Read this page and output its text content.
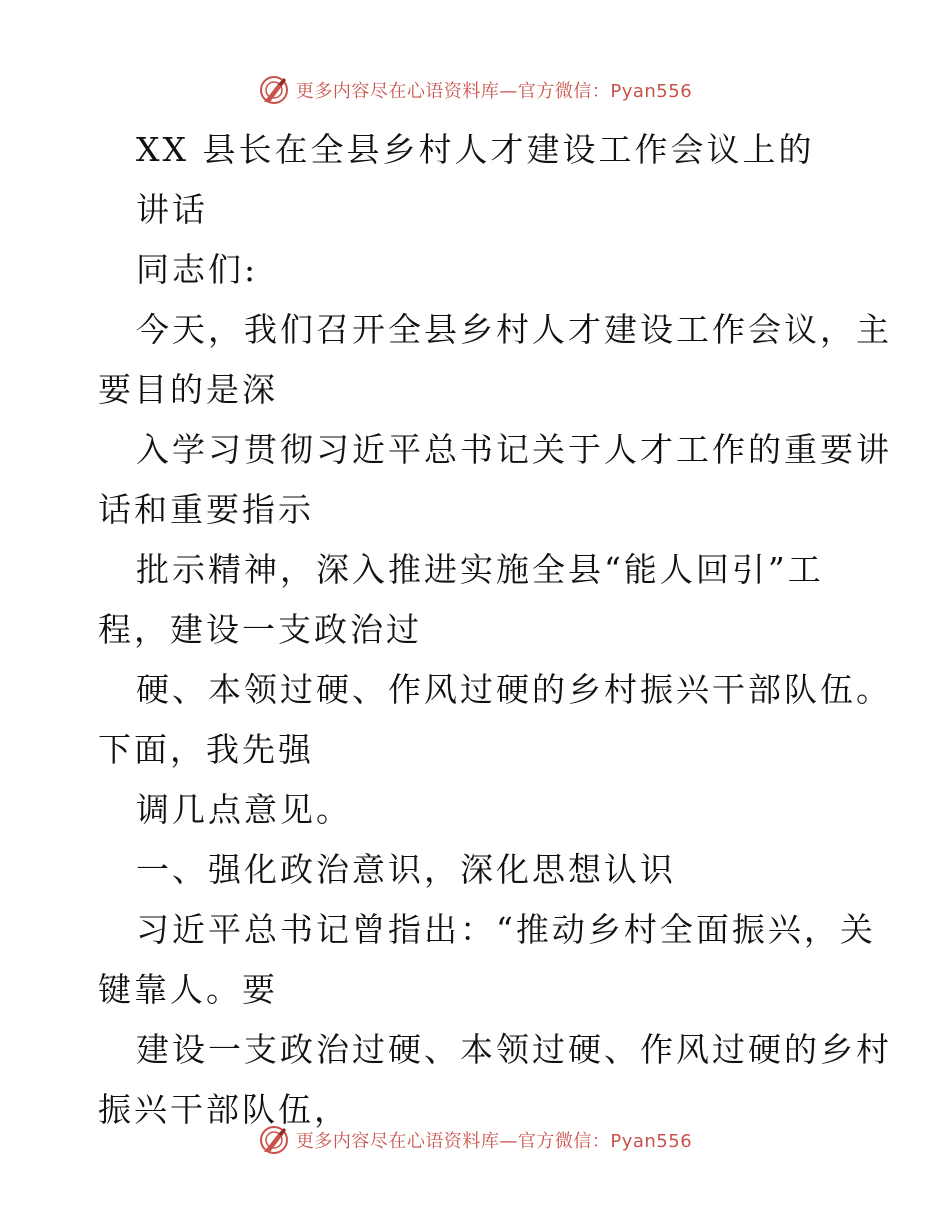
更多内容尽在心语资料库—官方微信：Pyan556
XX 县长在全县乡村人才建设工作会议上的
讲话
同志们:
今天，我们召开全县乡村人才建设工作会议，主
要目的是深
入学习贯彻习近平总书记关于人才工作的重要讲
话和重要指示
批示精神，深入推进实施全县“能人回引”工
程，建设一支政治过
硬、本领过硬、作风过硬的乡村振兴干部队伍。
下面，我先强
调几点意见。
一、强化政治意识，深化思想认识
习近平总书记曾指出：“推动乡村全面振兴，关
键靠人。要
建设一支政治过硬、本领过硬、作风过硬的乡村
振兴干部队伍，
更多内容尽在心语资料库—官方微信：Pyan556
